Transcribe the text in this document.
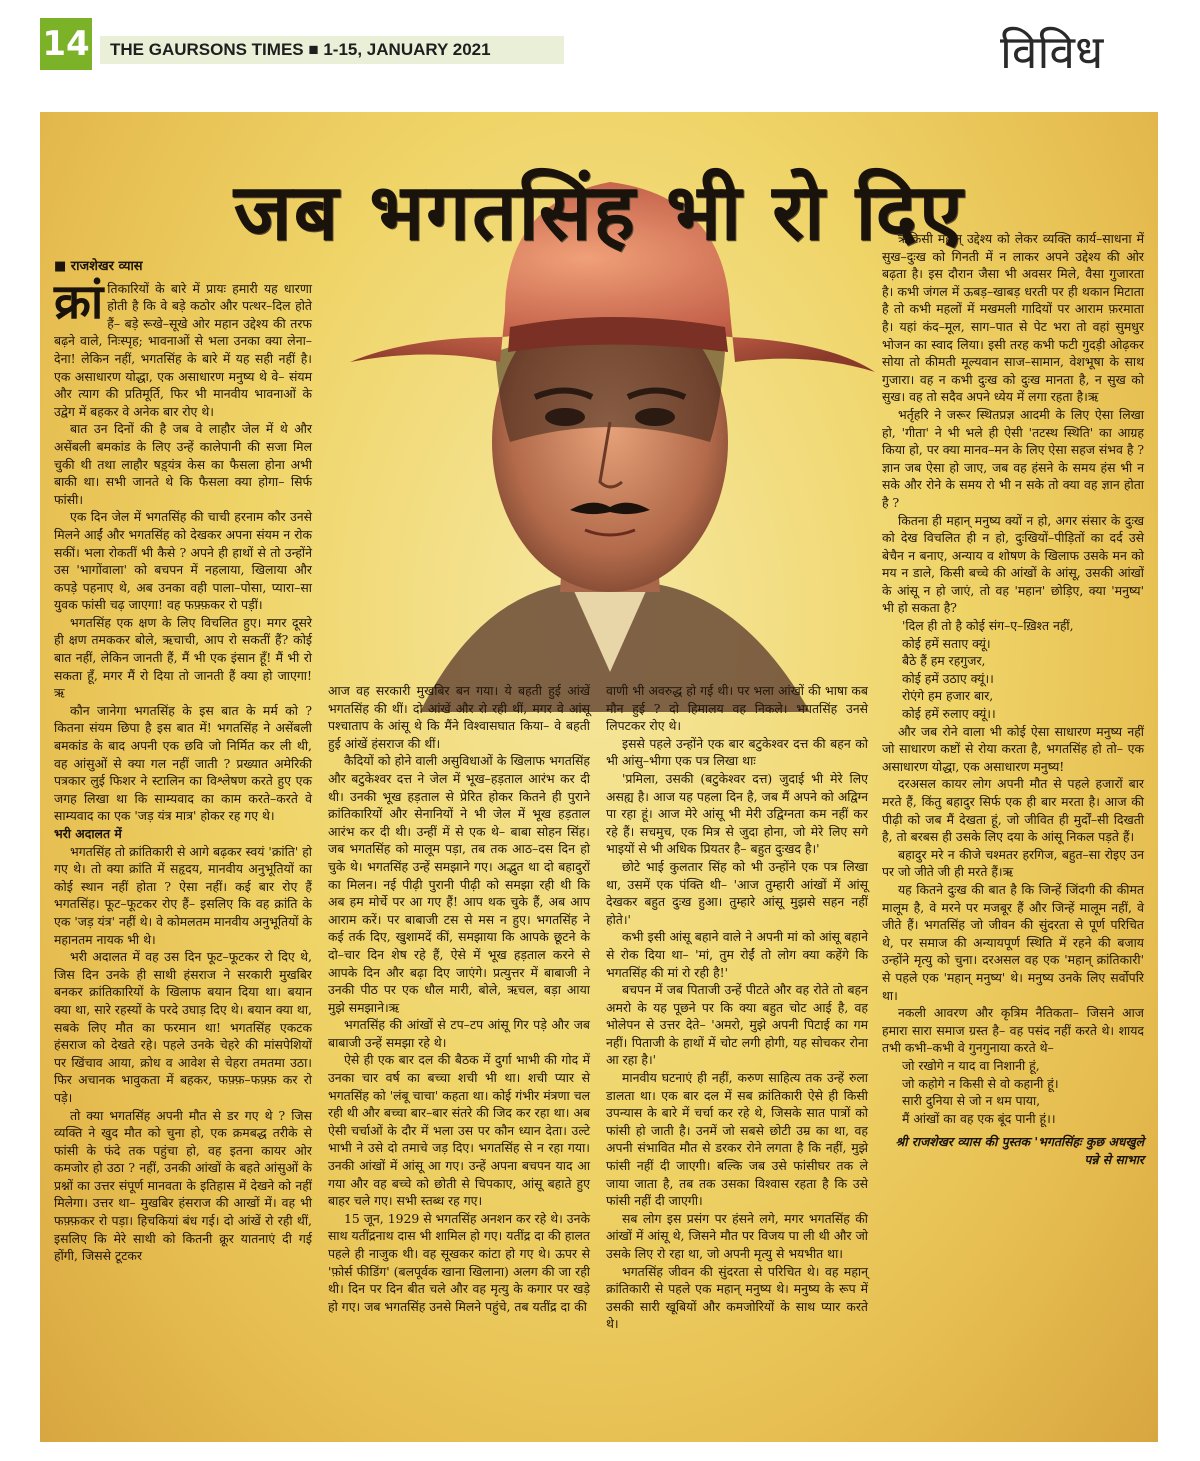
14	THE GAURSONS TIMES ■ 1-15, JANUARY 2021	विविध
जब भगतसिंह भी रो दिए
■ राजशेखर व्यास
क्रां तिकारियों के बारे में प्रायः हमारी यह धारणा होती है कि वे बड़े कठोर और पत्थर–दिल होते हैं– बड़े रूखे–सूखे ओर महान उद्देश्य की तरफ बढ़ने वाले, निःस्पृह; भावनाओं से भला उनका क्या लेना–देना! लेकिन नहीं, भगतसिंह के बारे में यह सही नहीं है। एक असाधारण योद्धा, एक असाधारण मनुष्य थे वे– संयम और त्याग की प्रतिमूर्ति, फिर भी मानवीय भावनाओं के उद्वेग में बहकर वे अनेक बार रोए थे।

बात उन दिनों की है जब वे लाहौर जेल में थे और असेंबली बमकांड के लिए उन्हें कालेपानी की सजा मिल चुकी थी तथा लाहौर षड़्यंत्र केस का फैसला होना अभी बाकी था। सभी जानते थे कि फैसला क्या होगा– सिर्फ फांसी।

एक दिन जेल में भगतसिंह की चाची हरनाम कौर उनसे मिलने आईं और भगतसिंह को देखकर अपना संयम न रोक सकीं। भला रोकतीं भी कैसे ? अपने ही हाथों से तो उन्होंने उस 'भागोंवाला' को बचपन में नहलाया, खिलाया और कपड़े पहनाए थे, अब उनका वही पाला–पोसा, प्यारा–सा युवक फांसी चढ़ जाएगा! वह फफ़्फ़कर रो पड़ीं।

भगतसिंह एक क्षण के लिए विचलित हुए। मगर दूसरे ही क्षण तमककर बोले, ऋचाची, आप रो सकतीं हैं? कोई बात नहीं, लेकिन जानती हैं, मैं भी एक इंसान हूँ! मैं भी रो सकता हूँ, मगर मैं रो दिया तो जानती हैं क्या हो जाएगा! ऋ

कौन जानेगा भगतसिंह के इस बात के मर्म को ? कितना संयम छिपा है इस बात में! भगतसिंह ने असेंबली बमकांड के बाद अपनी एक छवि जो निर्मित कर ली थी, वह आंसुओं से क्या गल नहीं जाती ? प्रख्यात अमेरिकी पत्रकार लुई फिशर ने स्टालिन का विश्लेषण करते हुए एक जगह लिखा था कि साम्यवाद का काम करते–करते वे साम्यवाद का एक 'जड़ यंत्र मात्र' होकर रह गए थे।

भरी अदालत में

भगतसिंह तो क्रांतिकारी से आगे बढ़कर स्वयं 'क्रांति' हो गए थे। तो क्या क्रांति में सहृदय, मानवीय अनुभूतियों का कोई स्थान नहीं होता ? ऐसा नहीं। कई बार रोए हैं भगतसिंह। फूट–फूटकर रोए हैं– इसलिए कि वह क्रांति के एक 'जड़ यंत्र' नहीं थे। वे कोमलतम मानवीय अनुभूतियों के महानतम नायक भी थे।

भरी अदालत में वह उस दिन फूट–फूटकर रो दिए थे, जिस दिन उनके ही साथी हंसराज ने सरकारी मुखबिर बनकर क्रांतिकारियों के खिलाफ बयान दिया था। बयान क्या था, सारे रहस्यों के परदे उघाड़ दिए थे। बयान क्या था, सबके लिए मौत का फरमान था! भगतसिंह एकटक हंसराज को देखते रहे। पहले उनके चेहरे की मांसपेशियों पर खिंचाव आया, क्रोध व आवेश से चेहरा तमतमा उठा। फिर अचानक भावुकता में बहकर, फफ़्फ़–फफ़्फ़ कर रो पड़े।

तो क्या भगतसिंह अपनी मौत से डर गए थे ? जिस व्यक्ति ने खुद मौत को चुना हो, एक क्रमबद्ध तरीके से फांसी के फंदे तक पहुंचा हो, वह इतना कायर ओर कमजोर हो उठा ? नहीं, उनकी आंखों के बहते आंसुओं के प्रश्नों का उत्तर संपूर्ण मानवता के इतिहास में देखने को नहीं मिलेगा। उत्तर था– मुखबिर हंसराज की आखों में। वह भी फफ़्फ़कर रो पड़ा। हिचकियां बंध गई। दो आंखें रो रही थीं, इसलिए कि मेरे साथी को कितनी क्रूर यातनाएं दी गई होंगी, जिससे टूटकर

आज वह सरकारी मुखबिर बन गया। ये बहती हुई आंखें भगतसिंह की थीं। दो आंखें और रो रही थीं, मगर वे आंसू पश्चाताप के आंसू थे कि मैंने विश्वासघात किया– वे बहती हुई आंखें हंसराज की थीं।

कैदियों को होने वाली असुविधाओं के खिलाफ भगतसिंह और बटुकेश्वर दत्त ने जेल में भूख–हड़ताल आरंभ कर दी थी। उनकी भूख हड़ताल से प्रेरित होकर कितने ही पुराने क्रांतिकारियों और सेनानियों ने भी जेल में भूख हड़ताल आरंभ कर दी थी। उन्हीं में से एक थे– बाबा सोहन सिंह। जब भगतसिंह को मालूम पड़ा, तब तक आठ–दस दिन हो चुके थे। भगतसिंह उन्हें समझाने गए। अद्भुत था दो बहादुरों का मिलन। नई पीढ़ी पुरानी पीढ़ी को समझा रही थी कि अब हम मोर्चे पर आ गए हैं! आप थक चुके हैं, अब आप आराम करें। पर बाबाजी टस से मस न हुए। भगतसिंह ने कई तर्क दिए, खुशामदें कीं, समझाया कि आपके छूटने के दो–चार दिन शेष रहे हैं, ऐसे में भूख हड़ताल करने से आपके दिन और बढ़ा दिए जाएंगे। प्रत्युत्तर में बाबाजी ने उनकी पीठ पर एक धौल मारी, बोले, ऋचल, बड़ा आया मुझे समझाने।ऋ

भगतसिंह की आंखों से टप–टप आंसू गिर पड़े और जब बाबाजी उन्हें समझा रहे थे।

ऐसे ही एक बार दल की बैठक में दुर्गा भाभी की गोद में उनका चार वर्ष का बच्चा शची भी था। शची प्यार से भगतसिंह को 'लंबू चाचा' कहता था। कोई गंभीर मंत्रणा चल रही थी और बच्चा बार–बार संतरे की जिद कर रहा था। अब ऐसी चर्चाओं के दौर में भला उस पर कौन ध्यान देता। उल्टे भाभी ने उसे दो तमाचे जड़ दिए। भगतसिंह से न रहा गया। उनकी आंखों में आंसू आ गए। उन्हें अपना बचपन याद आ गया और वह बच्चे को छोती से चिपकाए, आंसू बहाते हुए बाहर चले गए। सभी स्तब्ध रह गए।

15 जून, 1929 से भगतसिंह अनशन कर रहे थे। उनके साथ यतींद्रनाथ दास भी शामिल हो गए। यतींद्र दा की हालत पहले ही नाजुक थी। वह सूखकर कांटा हो गए थे। ऊपर से 'फ़ोर्स फीडिंग' (बलपूर्वक खाना खिलाना) अलग की जा रही थी। दिन पर दिन बीत चले और वह मृत्यु के कगार पर खड़े हो गए। जब भगतसिंह उनसे मिलने पहुंचे, तब यतींद्र दा की

वाणी भी अवरुद्ध हो गई थी। पर भला आंखों की भाषा कब मौन हुई ? दो हिमालय वह निकले। भगतसिंह उनसे लिपटकर रोए थे।

इससे पहले उन्होंने एक बार बटुकेश्वर दत्त की बहन को भी आंसु–भीगा एक पत्र लिखा थाः

'प्रमिला, उसकी (बटुकेश्वर दत्त) जुदाई भी मेरे लिए असह्य है। आज यह पहला दिन है, जब मैं अपने को अद्विग्न पा रहा हूं। आज मेरे आंसू भी मेरी उद्विग्नता कम नहीं कर रहे हैं। सचमुच, एक मित्र से जुदा होना, जो मेरे लिए सगे भाइयों से भी अधिक प्रियतर है– बहुत दुःखद है।'

छोटे भाई कुलतार सिंह को भी उन्होंने एक पत्र लिखा था, उसमें एक पंक्ति थी– 'आज तुम्हारी आंखों में आंसू देखकर बहुत दुःख हुआ। तुम्हारे आंसू मुझसे सहन नहीं होते।'

कभी इसी आंसू बहाने वाले ने अपनी मां को आंसू बहाने से रोक दिया था– 'मां, तुम रोईं तो लोग क्या कहेंगे कि भगतसिंह की मां रो रही है!'

बचपन में जब पिताजी उन्हें पीटते और वह रोते तो बहन अमरो के यह पूछने पर कि क्या बहुत चोट आई है, वह भोलेपन से उत्तर देते– 'अमरो, मुझे अपनी पिटाई का गम नहीं। पिताजी के हाथों में चोट लगी होगी, यह सोचकर रोना आ रहा है।'

मानवीय घटनाएं ही नहीं, करुण साहित्य तक उन्हें रुला डालता था। एक बार दल में सब क्रांतिकारी ऐसे ही किसी उपन्यास के बारे में चर्चा कर रहे थे, जिसके सात पात्रों को फांसी हो जाती है। उनमें जो सबसे छोटी उम्र का था, वह अपनी संभावित मौत से डरकर रोने लगता है कि नहीं, मुझे फांसी नहीं दी जाएगी। बल्कि जब उसे फांसीघर तक ले जाया जाता है, तब तक उसका विश्वास रहता है कि उसे फांसी नहीं दी जाएगी।

सब लोग इस प्रसंग पर हंसने लगे, मगर भगतसिंह की आंखों में आंसू थे, जिसने मौत पर विजय पा ली थी और जो उसके लिए रो रहा था, जो अपनी मृत्यु से भयभीत था।

भगतसिंह जीवन की सुंदरता से परिचित थे। वह महान् क्रांतिकारी से पहले एक महान् मनुष्य थे। मनुष्य के रूप में उसकी सारी खूबियों और कमजोरियों के साथ प्यार करते थे।

ऋकिसी महान् उद्देश्य को लेकर व्यक्ति कार्य–साधना में सुख–दुःख को गिनती में न लाकर अपने उद्देश्य की ओर बढ़ता है। इस दौरान जैसा भी अवसर मिले, वैसा गुजारता है। कभी जंगल में ऊबड़–खाबड़ धरती पर ही थकान मिटाता है तो कभी महलों में मखमली गादियों पर आराम फ़रमाता है। यहां कंद–मूल, साग–पात से पेट भरा तो वहां सुमधुर भोजन का स्वाद लिया। इसी तरह कभी फटी गुदड़ी ओढ़कर सोया तो कीमती मूल्यवान साज–सामान, वेशभूषा के साथ गुजारा। वह न कभी दुःख को दुःख मानता है, न सुख को सुख। वह तो सदैव अपने ध्येय में लगा रहता है।ऋ

भर्तृहरि ने जरूर स्थितप्रज्ञ आदमी के लिए ऐसा लिखा हो, 'गीता' ने भी भले ही ऐसी 'तटस्थ स्थिति' का आग्रह किया हो, पर क्या मानव–मन के लिए ऐसा सहज संभव है ? ज्ञान जब ऐसा हो जाए, जब वह हंसने के समय हंस भी न सके और रोने के समय रो भी न सके तो क्या वह ज्ञान होता है ?

कितना ही महान् मनुष्य क्यों न हो, अगर संसार के दुःख को देख विचलित ही न हो, दुःखियों–पीड़ितों का दर्द उसे बेचैन न बनाए, अन्याय व शोषण के खिलाफ उसके मन को मय न डाले, किसी बच्चे की आंखों के आंसू, उसकी आंखों के आंसू न हो जाएं, तो वह 'महान' छोड़िए, क्या 'मनुष्य' भी हो सकता है?

'दिल ही तो है कोई संग–ए–ख़िश्त नहीं,

कोई हमें सताए क्यूं।

बैठे हैं हम रहगुजर,

कोई हमें उठाए क्यूं।।

रोएंगे हम हजार बार,

कोई हमें रुलाए क्यूं।।

और जब रोने वाला भी कोई ऐसा साधारण मनुष्य नहीं जो साधारण कष्टों से रोया करता है, भगतसिंह हो तो– एक असाधारण योद्धा, एक असाधारण मनुष्य!

दरअसल कायर लोग अपनी मौत से पहले हजारों बार मरते हैं, किंतु बहादुर सिर्फ एक ही बार मरता है। आज की पीढ़ी को जब मैं देखता हूं, जो जीवित ही मुर्दों–सी दिखती है, तो बरबस ही उसके लिए दया के आंसू निकल पड़ते हैं।

बहादुर मरे न कीजे चश्मतर हरगिज, बहुत–सा रोइए उन पर जो जीते जी ही मरते हैं।ऋ

यह कितने दुःख की बात है कि जिन्हें जिंदगी की कीमत मालूम है, वे मरने पर मजबूर हैं और जिन्हें मालूम नहीं, वे जीते हैं। भगतसिंह जो जीवन की सुंदरता से पूर्ण परिचित थे, पर समाज की अन्यायपूर्ण स्थिति में रहने की बजाय उन्होंने मृत्यु को चुना। दरअसल वह एक 'महान् क्रांतिकारी' से पहले एक 'महान् मनुष्य' थे। मनुष्य उनके लिए सर्वोपरि था।

नकली आवरण और कृत्रिम नैतिकता– जिसने आज हमारा सारा समाज ग्रस्त है– वह पसंद नहीं करते थे। शायद तभी कभी–कभी वे गुनगुनाया करते थे–

जो रखोगे न याद वा निशानी हूं,

जो कहोगे न किसी से वो कहानी हूं।

सारी दुनिया से जो न थम पाया,

मैं आंखों का वह एक बूंद पानी हूं।।

श्री राजशेखर व्यास की पुस्तक 'भगतसिंहः कुछ अधखुले पन्ने से साभार
